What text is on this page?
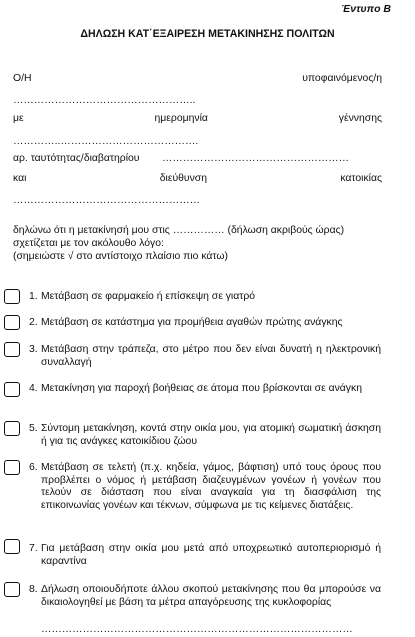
Έντυπο Β
ΔΗΛΩΣΗ ΚΑΤ΄ΕΞΑΙΡΕΣΗ ΜΕΤΑΚΙΝΗΣΗΣ ΠΟΛΙΤΩΝ
Ο/Η	υποφαινόμενος/η
……………………………………………..
με	ημερομηνία	γέννησης
…………..………………………………….
αρ. ταυτότητας/διαβατηρίου ………………………………………………
και	διεύθυνση	κατοικίας
………………………………………………
δηλώνω ότι η μετακίνησή μου στις …………… (δήλωση ακριβούς ώρας)
σχετίζεται με τον ακόλουθο λόγο:
(σημειώστε √ στο αντίστοιχο πλαίσιο πιο κάτω)
1. Μετάβαση σε φαρμακείο ή επίσκεψη σε γιατρό
2. Μετάβαση σε κατάστημα για προμήθεια αγαθών πρώτης ανάγκης
3. Μετάβαση στην τράπεζα, στο μέτρο που δεν είναι δυνατή η ηλεκτρονική συναλλαγή
4. Μετακίνηση για παροχή βοήθειας σε άτομα που βρίσκονται σε ανάγκη
5. Σύντομη μετακίνηση, κοντά στην οικία μου, για ατομική σωματική άσκηση ή για τις ανάγκες κατοικίδιου ζώου
6. Μετάβαση σε τελετή (π.χ. κηδεία, γάμος, βάφτιση) υπό τους όρους που προβλέπει ο νόμος ή μετάβαση διαζευγμένων γονέων ή γονέων που τελούν σε διάσταση που είναι αναγκαία για τη διασφάλιση της επικοινωνίας γονέων και τέκνων, σύμφωνα με τις κείμενες διατάξεις.
7. Για μετάβαση στην οικία μου μετά από υποχρεωτικό αυτοπεριορισμό ή καραντίνα
8. Δήλωση οποιουδήποτε άλλου σκοπού μετακίνησης που θα μπορούσε να δικαιολογηθεί με βάση τα μέτρα απαγόρευσης της κυκλοφορίας
………………………………………………………………………………
